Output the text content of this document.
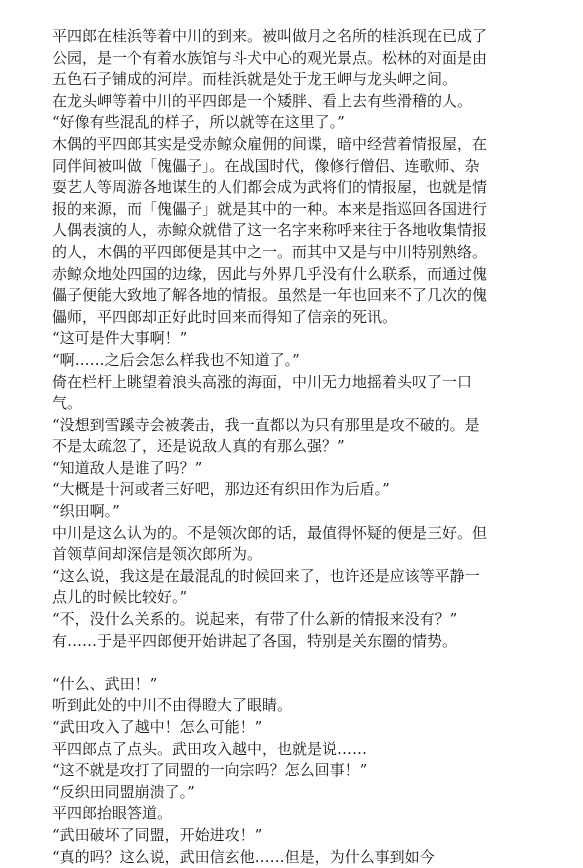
平四郎在桂浜等着中川的到来。被叫做月之名所的桂浜现在已成了
公园，是一个有着水族馆与斗犬中心的观光景点。松林的对面是由
五色石子铺成的河岸。而桂浜就是处于龙王岬与龙头岬之间。
在龙头岬等着中川的平四郎是一个矮胖、看上去有些滑稽的人。
“好像有些混乱的样子，所以就等在这里了。”
木偶的平四郎其实是受赤鲸众雇佣的间谍，暗中经营着情报屋，在
同伴间被叫做「傀儡子」。在战国时代，像修行僧侣、连歌师、杂
耍艺人等周游各地谋生的人们都会成为武将们的情报屋，也就是情
报的来源，而「傀儡子」就是其中的一种。本来是指巡回各国进行
人偶表演的人，赤鲸众就借了这一名字来称呼来往于各地收集情报
的人，木偶的平四郎便是其中之一。而其中又是与中川特别熟络。
赤鲸众地处四国的边缘，因此与外界几乎没有什么联系，而通过傀
儡子便能大致地了解各地的情报。虽然是一年也回来不了几次的傀
儡师，平四郎却正好此时回来而得知了信亲的死讯。
“这可是件大事啊！”
“啊……之后会怎么样我也不知道了。”
倚在栏杆上眺望着浪头高涨的海面，中川无力地摇着头叹了一口
气。
“没想到雪蹊寺会被袭击，我一直都以为只有那里是攻不破的。是
不是太疏忽了，还是说敌人真的有那么强？”
“知道敌人是谁了吗？”
“大概是十河或者三好吧，那边还有织田作为后盾。”
“织田啊。”
中川是这么认为的。不是领次郎的话，最值得怀疑的便是三好。但
首领草间却深信是领次郎所为。
“这么说，我这是在最混乱的时候回来了，也许还是应该等平静一
点儿的时候比较好。”
“不，没什么关系的。说起来，有带了什么新的情报来没有？”
有……于是平四郎便开始讲起了各国，特别是关东圈的情势。
“什么、武田！”
听到此处的中川不由得瞪大了眼睛。
“武田攻入了越中！怎么可能！”
平四郎点了点头。武田攻入越中，也就是说……
“这不就是攻打了同盟的一向宗吗？怎么回事！”
“反织田同盟崩溃了。”
平四郎抬眼答道。
“武田破坏了同盟，开始进攻！”
“真的吗？这么说，武田信玄他……但是，为什么事到如今
